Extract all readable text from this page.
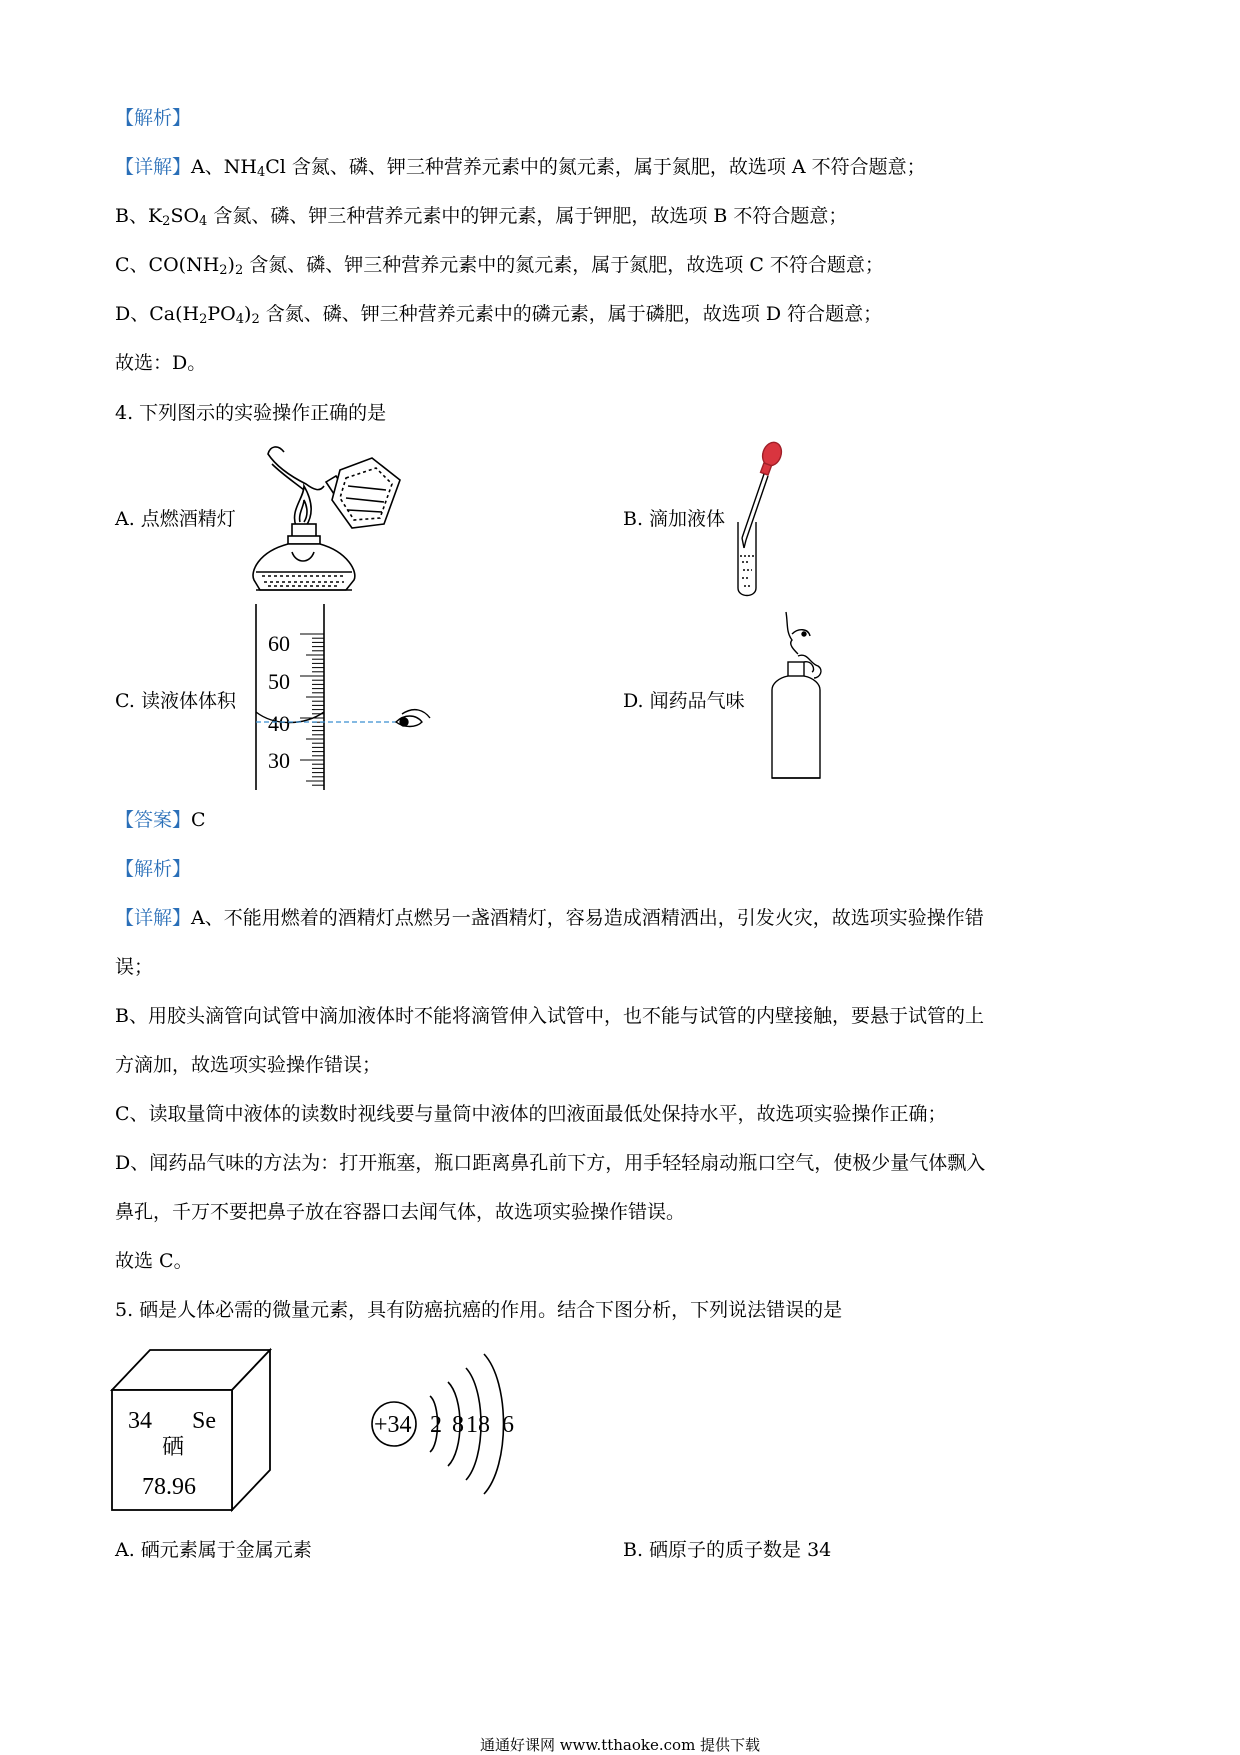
【解析】
【详解】A、$NH_4Cl$ 含氮、磷、钾三种营养元素中的氮元素，属于氮肥，故选项 A 不符合题意；
B、$K_2SO_4$ 含氮、磷、钾三种营养元素中的钾元素，属于钾肥，故选项 B 不符合题意；
C、$CO(NH_2)_2$ 含氮、磷、钾三种营养元素中的氮元素，属于氮肥，故选项 C 不符合题意；
D、$Ca(H_2PO_4)_2$ 含氮、磷、钾三种营养元素中的磷元素，属于磷肥，故选项 D 符合题意；
故选：D。
4. 下列图示的实验操作正确的是
A. 点燃酒精灯	B. 滴加液体
C. 读液体体积	D. 闻药品气味
60
50
40
30
【答案】C
【解析】
【详解】A、不能用燃着的酒精灯点燃另一盏酒精灯，容易造成酒精洒出，引发火灾，故选项实验操作错
误；
B、用胶头滴管向试管中滴加液体时不能将滴管伸入试管中，也不能与试管的内壁接触，要悬于试管的上
方滴加，故选项实验操作错误；
C、读取量筒中液体的读数时视线要与量筒中液体的凹液面最低处保持水平，故选项实验操作正确；
D、闻药品气味的方法为：打开瓶塞，瓶口距离鼻孔前下方，用手轻轻扇动瓶口空气，使极少量气体飘入
鼻孔，千万不要把鼻子放在容器口去闻气体，故选项实验操作错误。
故选 C。
5. 硒是人体必需的微量元素，具有防癌抗癌的作用。结合下图分析，下列说法错误的是
34 Se
硒
78.96
+34 2 8 18 6
A. 硒元素属于金属元素	B. 硒原子的质子数是 34
通通好课网 www.tthaoke.com 提供下载
